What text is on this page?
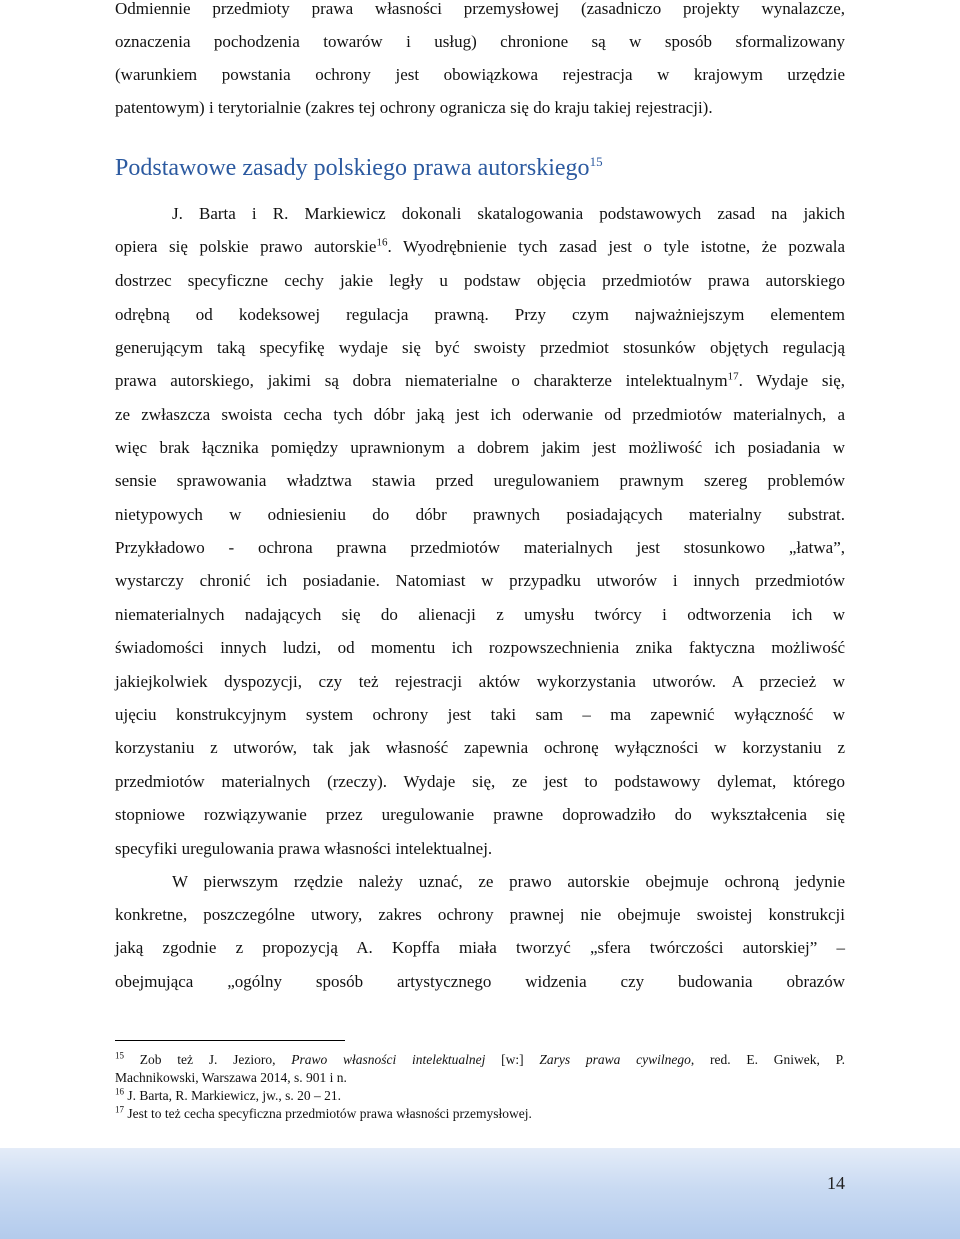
Odmiennie przedmioty prawa własności przemysłowej (zasadniczo projekty wynalazcze,
oznaczenia pochodzenia towarów i usług) chronione są w sposób sformalizowany
(warunkiem powstania ochrony jest obowiązkowa rejestracja w krajowym urzędzie
patentowym) i terytorialnie (zakres tej ochrony ogranicza się do kraju takiej rejestracji).
Podstawowe zasady polskiego prawa autorskiego$^{15}$
J. Barta i R. Markiewicz dokonali skatalogowania podstawowych zasad na jakich
opiera się polskie prawo autorskie$^{16}$. Wyodrębnienie tych zasad jest o tyle istotne, że pozwala
dostrzec specyficzne cechy jakie legły u podstaw objęcia przedmiotów prawa autorskiego
odrębną od kodeksowej regulacja prawną. Przy czym najważniejszym elementem
generującym taką specyfikę wydaje się być swoisty przedmiot stosunków objętych regulacją
prawa autorskiego, jakimi są dobra niematerialne o charakterze intelektualnym$^{17}$. Wydaje się,
ze zwłaszcza swoista cecha tych dóbr jaką jest ich oderwanie od przedmiotów materialnych, a
więc brak łącznika pomiędzy uprawnionym a dobrem jakim jest możliwość ich posiadania w
sensie sprawowania władztwa stawia przed uregulowaniem prawnym szereg problemów
nietypowych w odniesieniu do dóbr prawnych posiadających materialny substrat.
Przykładowo - ochrona prawna przedmiotów materialnych jest stosunkowo „łatwa”,
wystarczy chronić ich posiadanie. Natomiast w przypadku utworów i innych przedmiotów
niematerialnych nadających się do alienacji z umysłu twórcy i odtworzenia ich w
świadomości innych ludzi, od momentu ich rozpowszechnienia znika faktyczna możliwość
jakiejkolwiek dyspozycji, czy też rejestracji aktów wykorzystania utworów. A przecież w
ujęciu konstrukcyjnym system ochrony jest taki sam – ma zapewnić wyłączność w
korzystaniu z utworów, tak jak własność zapewnia ochronę wyłączności w korzystaniu z
przedmiotów materialnych (rzeczy). Wydaje się, ze jest to podstawowy dylemat, którego
stopniowe rozwiązywanie przez uregulowanie prawne doprowadziło do wykształcenia się
specyfiki uregulowania prawa własności intelektualnej.
W pierwszym rzędzie należy uznać, ze prawo autorskie obejmuje ochroną jedynie
konkretne, poszczególne utwory, zakres ochrony prawnej nie obejmuje swoistej konstrukcji
jaką zgodnie z propozycją A. Kopffa miała tworzyć „sfera twórczości autorskiej” –
obejmująca „ogólny sposób artystycznego widzenia czy budowania obrazów
$^{15}$ Zob też J. Jezioro, Prawo własności intelektualnej [w:] Zarys prawa cywilnego, red. E. Gniwek, P.
Machnikowski, Warszawa 2014, s. 901 i n.
$^{16}$ J. Barta, R. Markiewicz, jw., s. 20 – 21.
$^{17}$ Jest to też cecha specyficzna przedmiotów prawa własności przemysłowej.
14
